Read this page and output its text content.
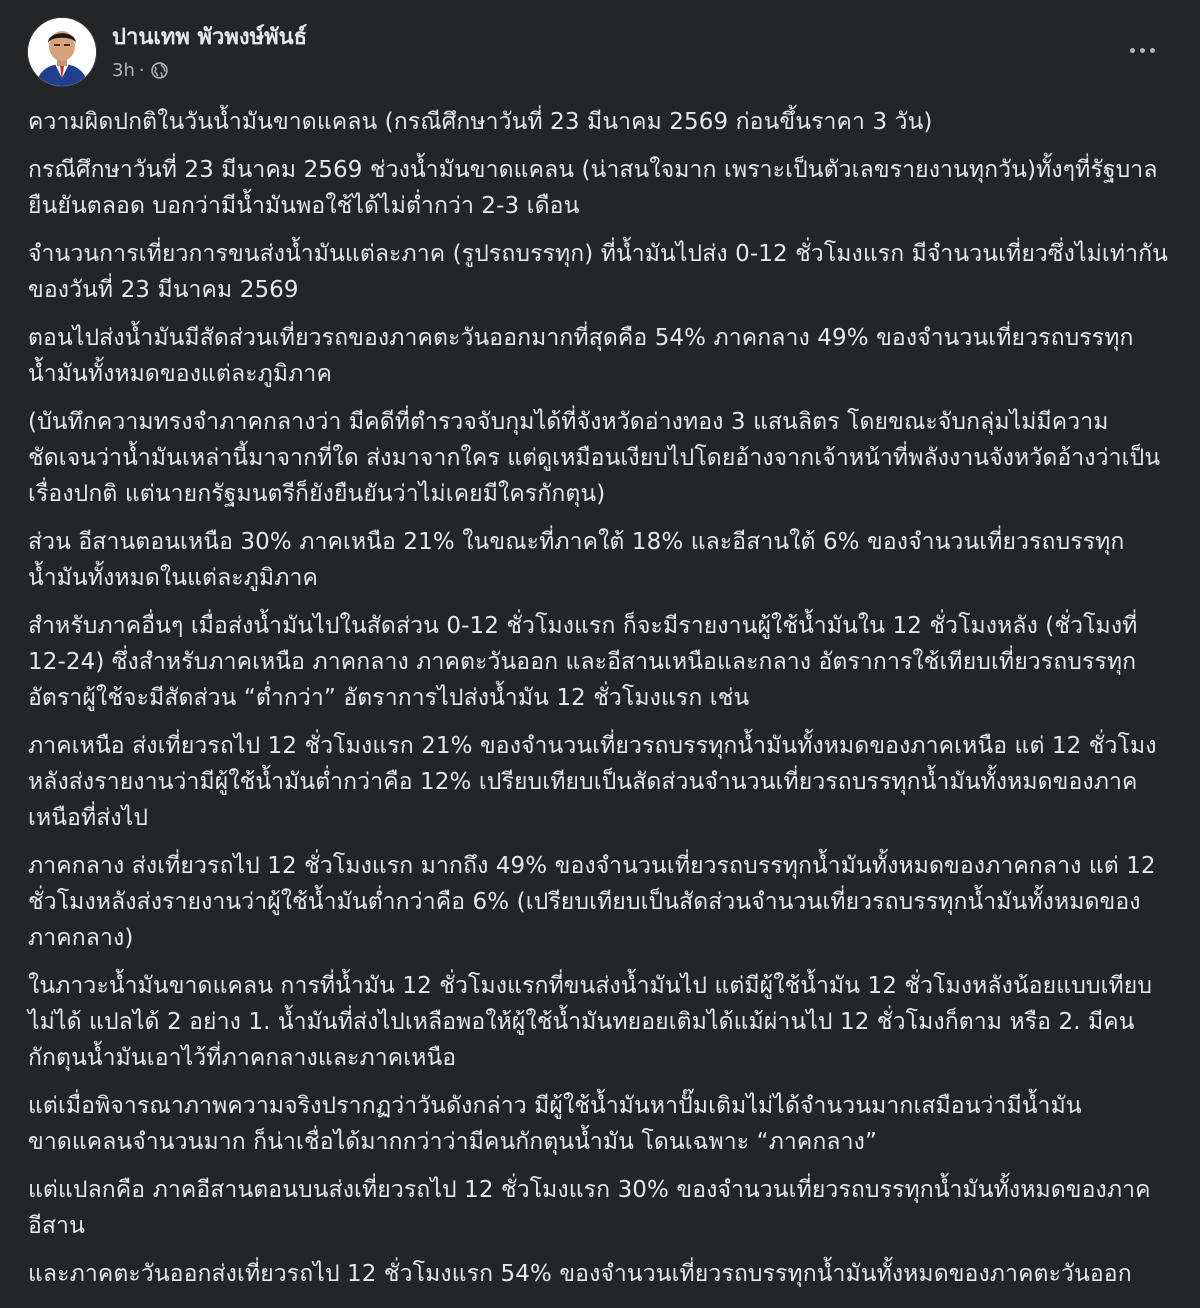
ปานเทพ พัวพงษ์พันธ์
3h ·

ความผิดปกติในวันน้ำมันขาดแคลน (กรณีศึกษาวันที่ 23 มีนาคม 2569 ก่อนขึ้นราคา 3 วัน)

กรณีศึกษาวันที่ 23 มีนาคม 2569 ช่วงน้ำมันขาดแคลน (น่าสนใจมาก เพราะเป็นตัวเลขรายงานทุกวัน)ทั้งๆที่รัฐบาลยืนยันตลอด บอกว่ามีน้ำมันพอใช้ได้ไม่ต่ำกว่า 2-3 เดือน

จำนวนการเที่ยวการขนส่งน้ำมันแต่ละภาค (รูปรถบรรทุก) ที่น้ำมันไปส่ง 0-12 ชั่วโมงแรก มีจำนวนเที่ยวซึ่งไม่เท่ากัน ของวันที่ 23 มีนาคม 2569

ตอนไปส่งน้ำมันมีสัดส่วนเที่ยวรถของภาคตะวันออกมากที่สุดคือ 54% ภาคกลาง 49% ของจำนวนเที่ยวรถบรรทุกน้ำมันทั้งหมดของแต่ละภูมิภาค

(บันทึกความทรงจำภาคกลางว่า มีคดีที่ตำรวจจับกุมได้ที่จังหวัดอ่างทอง 3 แสนลิตร โดยขณะจับกลุ่มไม่มีความชัดเจนว่าน้ำมันเหล่านี้มาจากที่ใด ส่งมาจากใคร แต่ดูเหมือนเงียบไปโดยอ้างจากเจ้าหน้าที่พลังงานจังหวัดอ้างว่าเป็นเรื่องปกติ แต่นายกรัฐมนตรีก็ยังยืนยันว่าไม่เคยมีใครกักตุน)

ส่วน อีสานตอนเหนือ 30% ภาคเหนือ 21% ในขณะที่ภาคใต้ 18% และอีสานใต้ 6% ของจำนวนเที่ยวรถบรรทุกน้ำมันทั้งหมดในแต่ละภูมิภาค

สำหรับภาคอื่นๆ เมื่อส่งน้ำมันไปในสัดส่วน 0-12 ชั่วโมงแรก ก็จะมีรายงานผู้ใช้น้ำมันใน 12 ชั่วโมงหลัง (ชั่วโมงที่ 12-24) ซึ่งสำหรับภาคเหนือ ภาคกลาง ภาคตะวันออก และอีสานเหนือและกลาง อัตราการใช้เทียบเที่ยวรถบรรทุก อัตราผู้ใช้จะมีสัดส่วน “ต่ำกว่า” อัตราการไปส่งน้ำมัน 12 ชั่วโมงแรก เช่น

ภาคเหนือ ส่งเที่ยวรถไป 12 ชั่วโมงแรก 21% ของจำนวนเที่ยวรถบรรทุกน้ำมันทั้งหมดของภาคเหนือ แต่ 12 ชั่วโมงหลังส่งรายงานว่ามีผู้ใช้น้ำมันต่ำกว่าคือ 12% เปรียบเทียบเป็นสัดส่วนจำนวนเที่ยวรถบรรทุกน้ำมันทั้งหมดของภาคเหนือที่ส่งไป

ภาคกลาง ส่งเที่ยวรถไป 12 ชั่วโมงแรก มากถึง 49% ของจำนวนเที่ยวรถบรรทุกน้ำมันทั้งหมดของภาคกลาง แต่ 12 ชั่วโมงหลังส่งรายงานว่าผู้ใช้น้ำมันต่ำกว่าคือ 6% (เปรียบเทียบเป็นสัดส่วนจำนวนเที่ยวรถบรรทุกน้ำมันทั้งหมดของภาคกลาง)

ในภาวะน้ำมันขาดแคลน การที่น้ำมัน 12 ชั่วโมงแรกที่ขนส่งน้ำมันไป แต่มีผู้ใช้น้ำมัน 12 ชั่วโมงหลังน้อยแบบเทียบไม่ได้ แปลได้ 2 อย่าง 1. น้ำมันที่ส่งไปเหลือพอให้ผู้ใช้น้ำมันทยอยเติมได้แม้ผ่านไป 12 ชั่วโมงก็ตาม หรือ 2. มีคนกักตุนน้ำมันเอาไว้ที่ภาคกลางและภาคเหนือ

แต่เมื่อพิจารณาภาพความจริงปรากฏว่าวันดังกล่าว มีผู้ใช้น้ำมันหาปั๊มเติมไม่ได้จำนวนมากเสมือนว่ามีน้ำมันขาดแคลนจำนวนมาก ก็น่าเชื่อได้มากกว่าว่ามีคนกักตุนน้ำมัน โดนเฉพาะ “ภาคกลาง”

แต่แปลกคือ ภาคอีสานตอนบนส่งเที่ยวรถไป 12 ชั่วโมงแรก 30% ของจำนวนเที่ยวรถบรรทุกน้ำมันทั้งหมดของภาคอีสาน

และภาคตะวันออกส่งเที่ยวรถไป 12 ชั่วโมงแรก 54% ของจำนวนเที่ยวรถบรรทุกน้ำมันทั้งหมดของภาคตะวันออก
